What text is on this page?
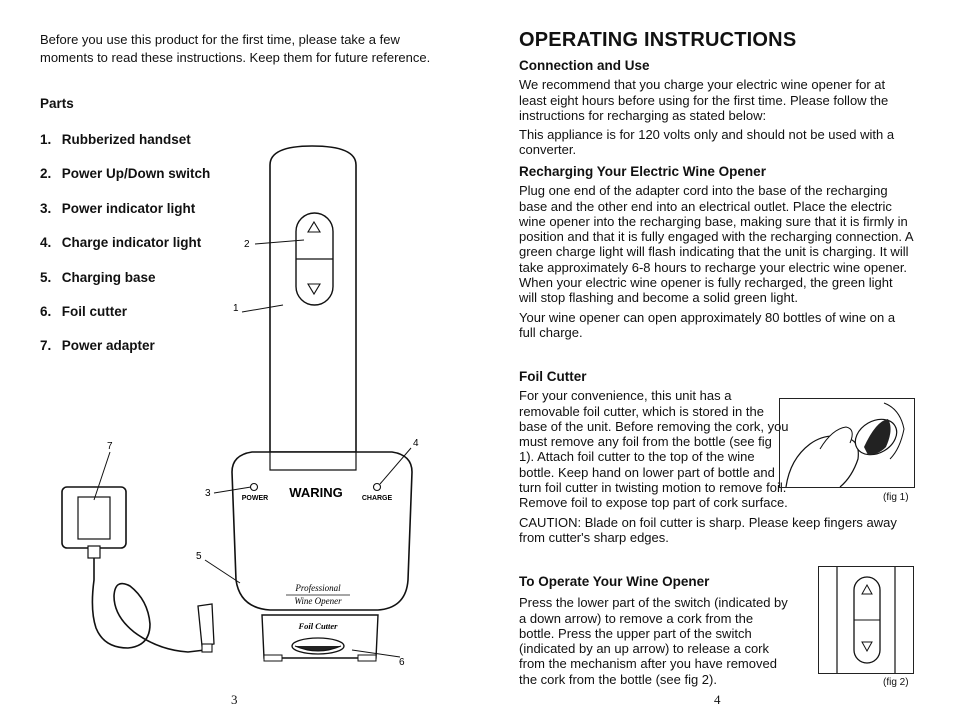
Before you use this product for the first time, please take a few moments to read these instructions. Keep them for future reference.
Parts
1. Rubberized handset
2. Power Up/Down switch
3. Power indicator light
4. Charge indicator light
5. Charging base
6. Foil cutter
7. Power adapter
POWER	CHARGE
WARING
Professional
Wine Opener
Foil Cutter
1
2
3
4
5
6
7
3
OPERATING INSTRUCTIONS
Connection and Use
We recommend that you charge your electric wine opener for at least eight hours before using for the first time. Please follow the instructions for recharging as stated below:
This appliance is for 120 volts only and should not be used with a converter.
Recharging Your Electric Wine Opener
Plug one end of the adapter cord into the base of the recharging base and the other end into an electrical outlet. Place the electric wine opener into the recharging base, making sure that it is firmly in position and that it is fully engaged with the recharging connection. A green charge light will flash indicating that the unit is charging. It will take approximately 6-8 hours to recharge your electric wine opener. When your electric wine opener is fully recharged, the green light will stop flashing and become a solid green light.
Your wine opener can open approximately 80 bottles of wine on a full charge.
Foil Cutter
For your convenience, this unit has a removable foil cutter, which is stored in the base of the unit. Before removing the cork, you must remove any foil from the bottle (see fig 1). Attach foil cutter to the top of the wine bottle. Keep hand on lower part of bottle and turn foil cutter in twisting motion to remove foil. Remove foil to expose top part of cork surface.
CAUTION: Blade on foil cutter is sharp. Please keep fingers away from cutter's sharp edges.
(fig 1)
To Operate Your Wine Opener
Press the lower part of the switch (indicated by a down arrow) to remove a cork from the bottle. Press the upper part of the switch (indicated by an up arrow) to release a cork from the mechanism after you have removed the cork from the bottle (see fig 2).	(fig 2)
4
